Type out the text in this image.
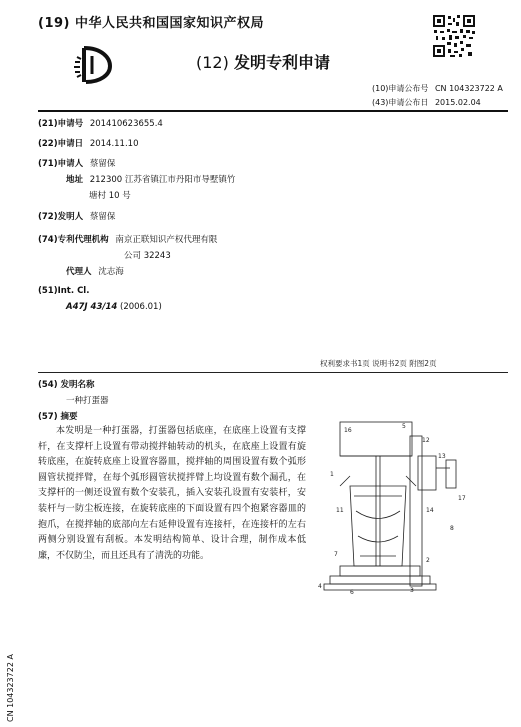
(19) 中华人民共和国国家知识产权局
(12) 发明专利申请
(10)申请公布号 CN 104323722 A
(43)申请公布日 2015.02.04
(21)申请号 201410623655.4
(22)申请日 2014.11.10
(71)申请人 蔡留保
地址 212300 江苏省镇江市丹阳市导墅镇竹
塘村 10 号
(72)发明人 蔡留保
(74)专利代理机构 南京正联知识产权代理有限
公司 32243
代理人 沈志海
(51)Int. Cl.
A47J 43/14 (2006.01)
权利要求书1页 说明书2页 附图2页
(54) 发明名称
一种打蛋器
(57) 摘要
本发明是一种打蛋器，打蛋器包括底座，在底座上设置有支撑杆，在支撑杆上设置有带动搅拌轴转动的机头，在底座上设置有旋转底座，在旋转底座上设置容器皿，搅拌轴的周围设置有数个弧形圆管状搅拌臂，在每个弧形圆管状搅拌臂上均设置有数个漏孔，在支撑杆的一侧还设置有数个安装孔，插入安装孔设置有安装杆，安装杆与一防尘板连接，在旋转底座的下面设置有四个抱紧容器皿的抱爪，在搅拌轴的底部向左右延伸设置有连接杆，在连接杆的左右两侧分别设置有刮板。本发明结构简单、设计合理，制作成本低廉，不仅防尘，而且还具有了清洗的功能。
16
5
12
13
1
11
17
14
7
4
3
2
6
8
CN 104323722 A
